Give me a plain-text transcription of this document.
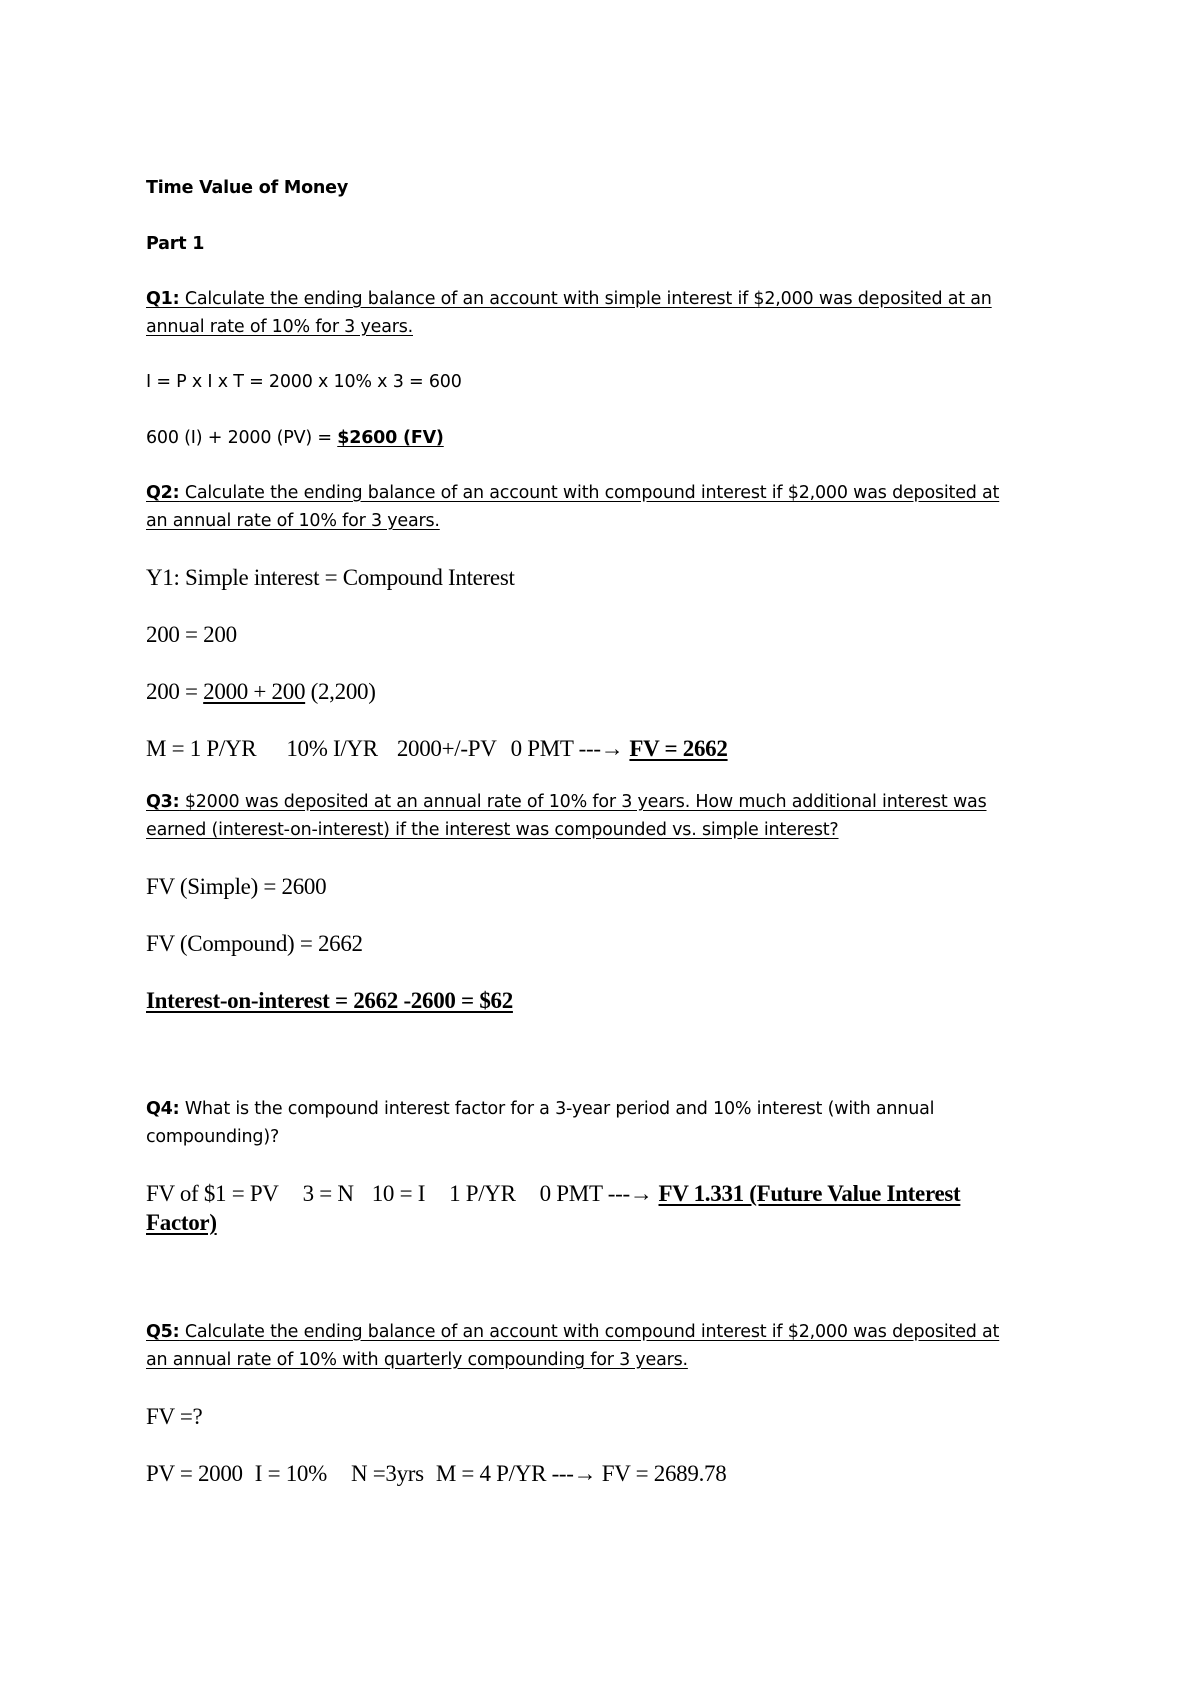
Time Value of Money
Part 1
Q1: Calculate the ending balance of an account with simple interest if $2,000 was deposited at an
annual rate of 10% for 3 years.
I = P x I x T = 2000 x 10% x 3 = 600
600 (I) + 2000 (PV) = $2600 (FV)
Q2: Calculate the ending balance of an account with compound interest if $2,000 was deposited at
an annual rate of 10% for 3 years.
Y1: Simple interest = Compound Interest
200 = 200
200 = 2000 + 200 (2,200)
M = 1 P/YR 10% I/YR 2000+/-PV 0 PMT ---→ FV = 2662
Q3: $2000 was deposited at an annual rate of 10% for 3 years. How much additional interest was
earned (interest-on-interest) if the interest was compounded vs. simple interest?
FV (Simple) = 2600
FV (Compound) = 2662
Interest-on-interest = 2662 -2600 = $62
Q4: What is the compound interest factor for a 3-year period and 10% interest (with annual
compounding)?
FV of $1 = PV 3 = N 10 = I 1 P/YR 0 PMT ---→ FV 1.331 (Future Value Interest
Factor)
Q5: Calculate the ending balance of an account with compound interest if $2,000 was deposited at
an annual rate of 10% with quarterly compounding for 3 years.
FV =?
PV = 2000 I = 10% N =3yrs M = 4 P/YR ---→ FV = 2689.78
